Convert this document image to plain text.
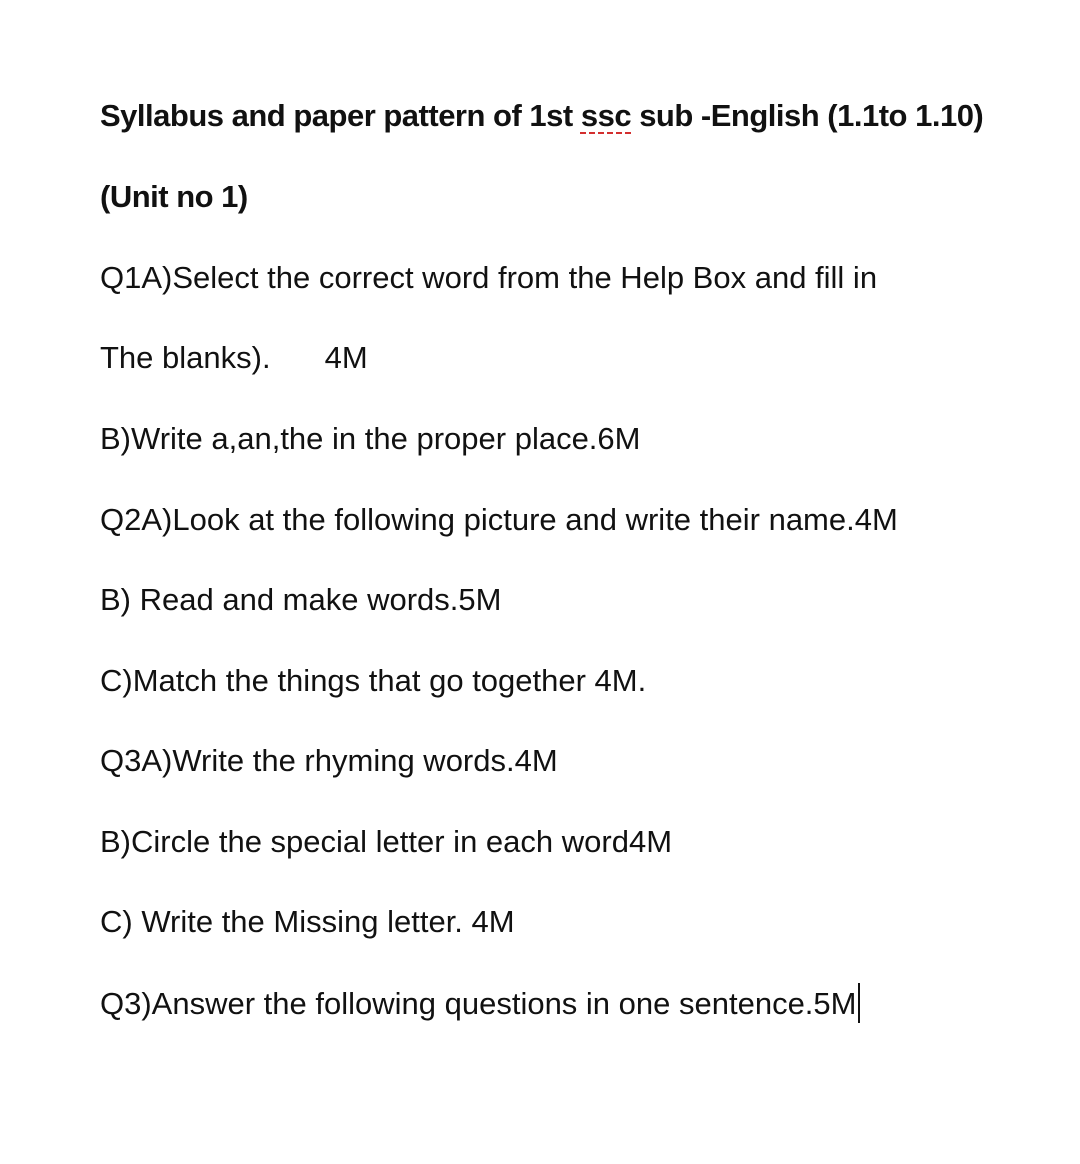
Syllabus and paper pattern of 1st ssc sub -English (1.1to 1.10)
(Unit no 1)
Q1A)Select the correct word from the Help Box and fill in
The blanks). 4M
B)Write a,an,the in the proper place.6M
Q2A)Look at the following picture and write their name.4M
B) Read and make words.5M
C)Match the things that go together 4M.
Q3A)Write the rhyming words.4M
B)Circle the special letter in each word4M
C) Write the Missing letter. 4M
Q3)Answer the following questions in one sentence.5M
